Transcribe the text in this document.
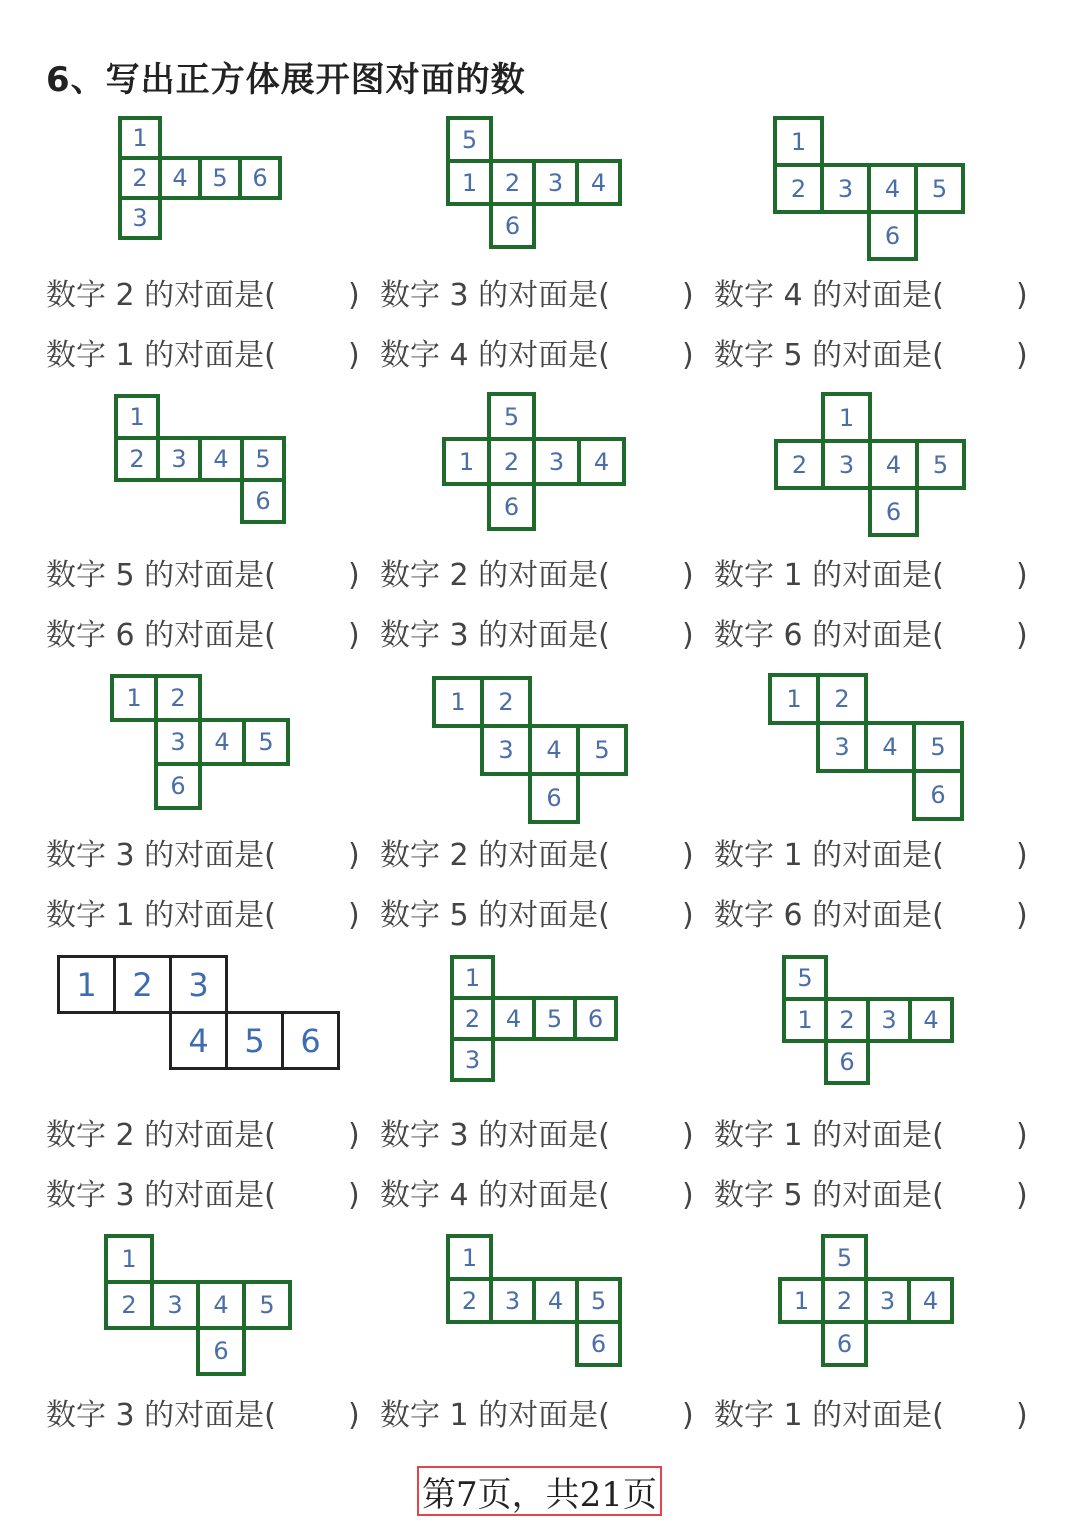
6、写出正方体展开图对面的数
1
2	4	5	6
3
5
1	2	3	4
6
1
2	3	4	5
6
1
2	3	4	5
6
5
1	2	3	4
6
1
2	3	4	5
6
1	2
3	4	5
6
1	2
3	4	5
6
1	2
3	4	5
6
1	2	3
4	5	6
1
2	4	5	6
3
5
1	2	3	4
6
1
2	3	4	5
6
1
2	3	4	5
6
5
1	2	3	4
6
数字 2 的对面是( ) 数字 3 的对面是( ) 数字 4 的对面是( )
数字 1 的对面是( ) 数字 4 的对面是( ) 数字 5 的对面是( )
数字 5 的对面是( ) 数字 2 的对面是( ) 数字 1 的对面是( )
数字 6 的对面是( ) 数字 3 的对面是( ) 数字 6 的对面是( )
数字 3 的对面是( ) 数字 2 的对面是( ) 数字 1 的对面是( )
数字 1 的对面是( ) 数字 5 的对面是( ) 数字 6 的对面是( )
数字 2 的对面是( ) 数字 3 的对面是( ) 数字 1 的对面是( )
数字 3 的对面是( ) 数字 4 的对面是( ) 数字 5 的对面是( )
数字 3 的对面是( ) 数字 1 的对面是( ) 数字 1 的对面是( )
第7页，共21页
